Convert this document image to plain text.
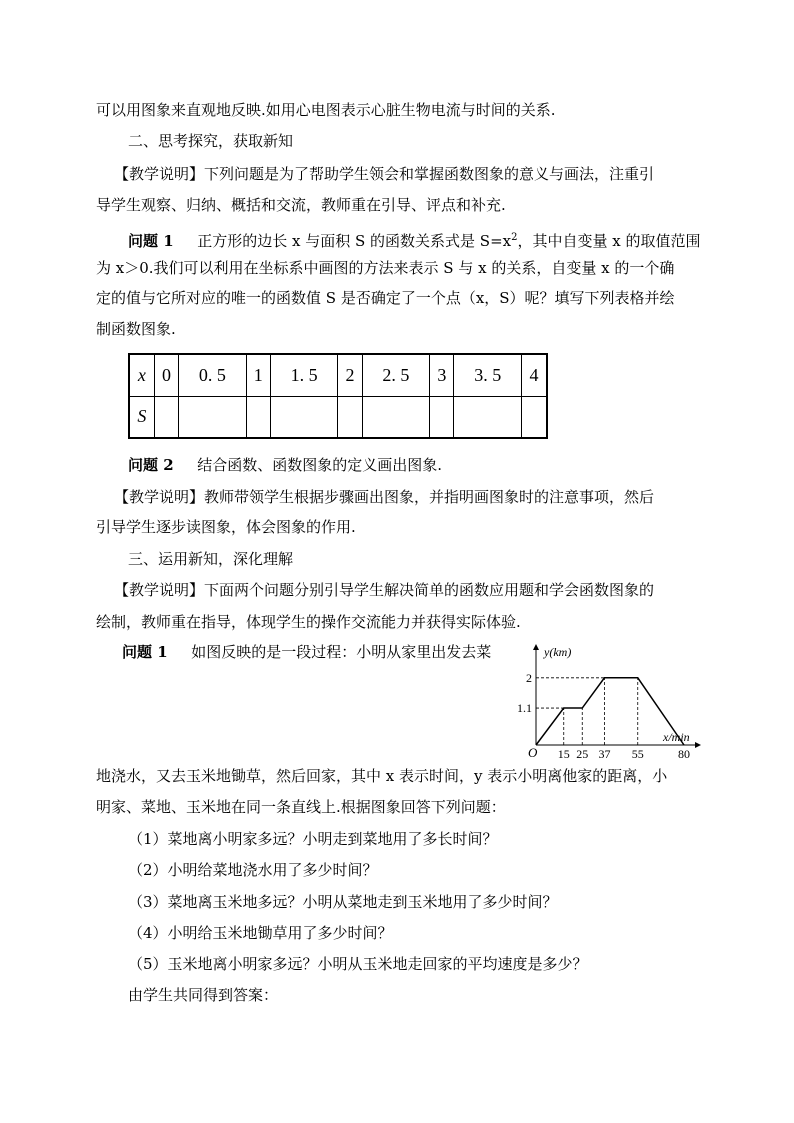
可以用图象来直观地反映.如用心电图表示心脏生物电流与时间的关系.
二、思考探究，获取新知
【教学说明】下列问题是为了帮助学生领会和掌握函数图象的意义与画法，注重引
导学生观察、归纳、概括和交流，教师重在引导、评点和补充.
问题 1 正方形的边长 x 与面积 S 的函数关系式是 $S=x^2$，其中自变量 x 的取值范围
为 x＞0.我们可以利用在坐标系中画图的方法来表示 S 与 x 的关系，自变量 x 的一个确
定的值与它所对应的唯一的函数值 S 是否确定了一个点（x，S）呢？填写下列表格并绘
制函数图象.
x	0	0. 5	1	1. 5	2	2. 5	3	3. 5	4
S									
问题 2 结合函数、函数图象的定义画出图象.
【教学说明】教师带领学生根据步骤画出图象，并指明画图象时的注意事项，然后
引导学生逐步读图象，体会图象的作用.
三、运用新知，深化理解
【教学说明】下面两个问题分别引导学生解决简单的函数应用题和学会函数图象的
绘制，教师重在指导，体现学生的操作交流能力并获得实际体验.
问题 1 如图反映的是一段过程：小明从家里出发去菜	y(km)
x/min
O
1.1
2
15 25 37 55	80
地浇水，又去玉米地锄草，然后回家，其中 x 表示时间，y 表示小明离他家的距离，小
明家、菜地、玉米地在同一条直线上.根据图象回答下列问题：
（1）菜地离小明家多远？小明走到菜地用了多长时间？
（2）小明给菜地浇水用了多少时间？
（3）菜地离玉米地多远？小明从菜地走到玉米地用了多少时间？
（4）小明给玉米地锄草用了多少时间？
（5）玉米地离小明家多远？小明从玉米地走回家的平均速度是多少？
由学生共同得到答案：
